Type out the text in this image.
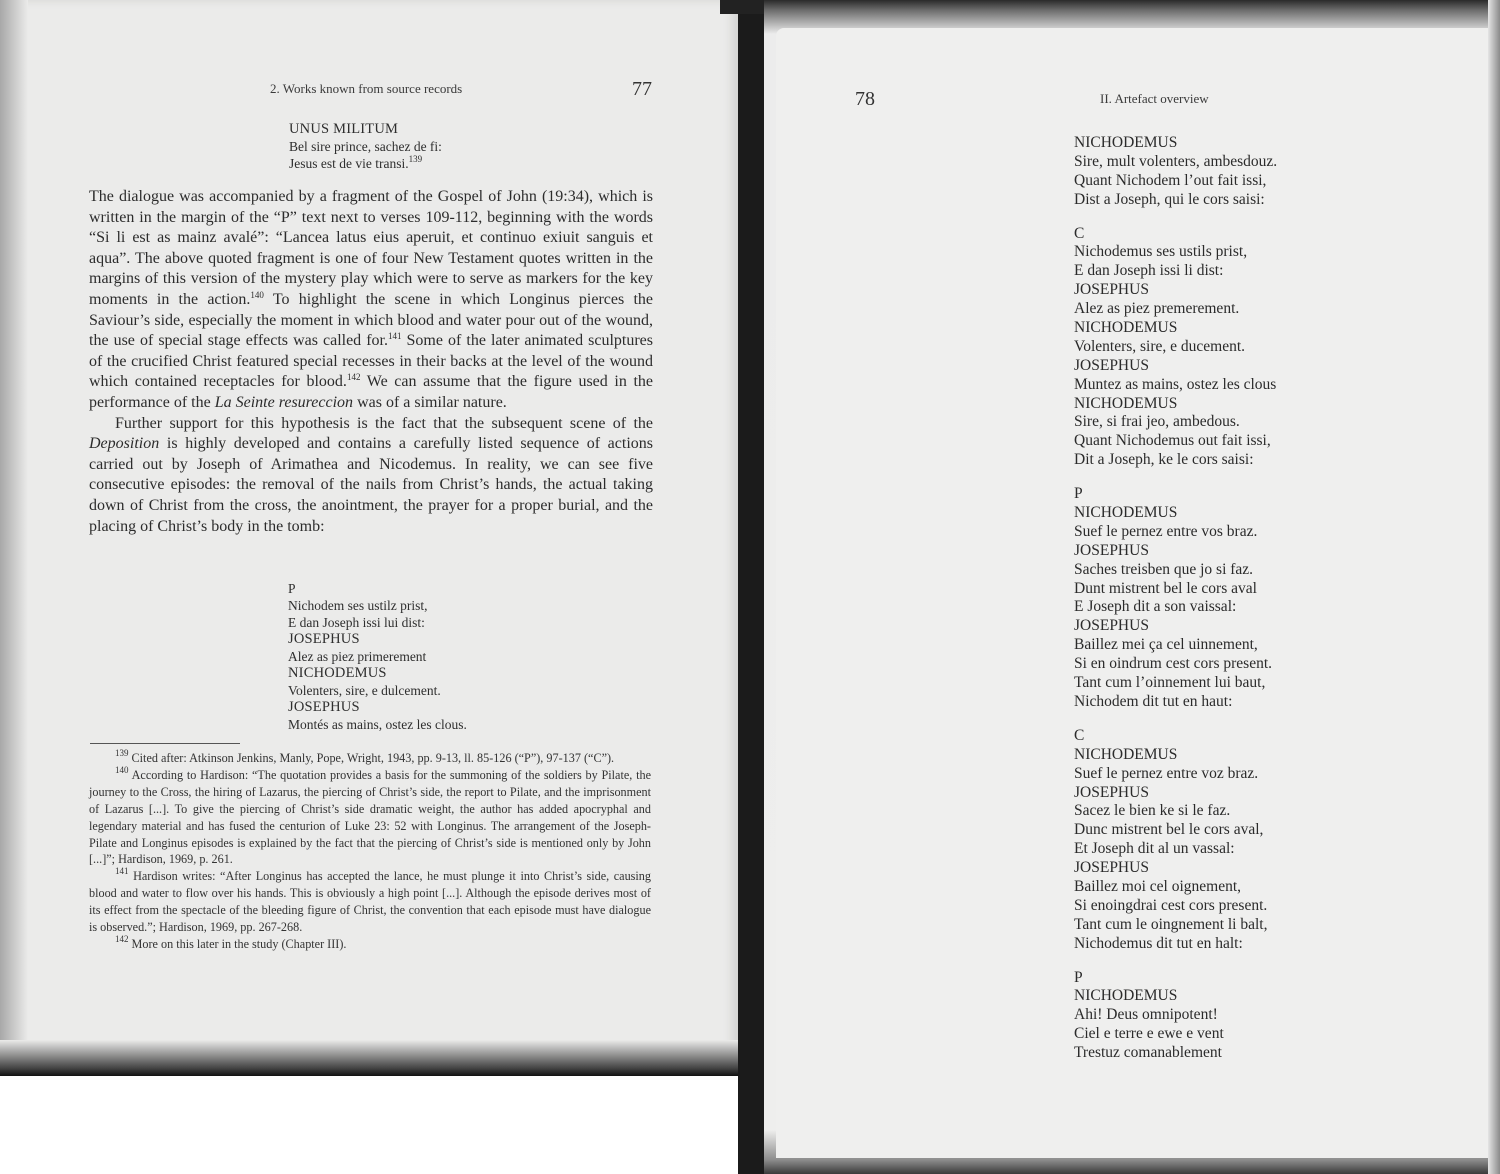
2. Works known from source records	77
UNUS MILITUM
Bel sire prince, sachez de fi:
Jesus est de vie transi.$^{139}$

The dialogue was accompanied by a fragment of the Gospel of John (19:34), which is written in the margin of the “P” text next to verses 109-112, beginning with the words “Si li est as mainz avalé”: “Lancea latus eius aperuit, et continuo exiuit sanguis et aqua”. The above quoted fragment is one of four New Testament quotes written in the margins of this version of the mystery play which were to serve as markers for the key moments in the action.$^{140}$ To highlight the scene in which Longinus pierces the Saviour’s side, especially the moment in which blood and water pour out of the wound, the use of special stage effects was called for.$^{141}$ Some of the later animated sculptures of the crucified Christ featured special recesses in their backs at the level of the wound which contained receptacles for blood.$^{142}$ We can assume that the figure used in the performance of the La Seinte resureccion was of a similar nature.

Further support for this hypothesis is the fact that the subsequent scene of the Deposition is highly developed and contains a carefully listed sequence of actions carried out by Joseph of Arimathea and Nicodemus. In reality, we can see five consecutive episodes: the removal of the nails from Christ’s hands, the actual taking down of Christ from the cross, the anointment, the prayer for a proper burial, and the placing of Christ’s body in the tomb:

P
Nichodem ses ustilz prist,
E dan Joseph issi lui dist:
JOSEPHUS
Alez as piez primerement
NICHODEMUS
Volenters, sire, e dulcement.
JOSEPHUS
Montés as mains, ostez les clous.

$^{139}$ Cited after: Atkinson Jenkins, Manly, Pope, Wright, 1943, pp. 9-13, ll. 85-126 (“P”), 97-137 (“C”).

$^{140}$ According to Hardison: “The quotation provides a basis for the summoning of the soldiers by Pilate, the journey to the Cross, the hiring of Lazarus, the piercing of Christ’s side, the report to Pilate, and the imprisonment of Lazarus [...]. To give the piercing of Christ’s side dramatic weight, the author has added apocryphal and legendary material and has fused the centurion of Luke 23: 52 with Longinus. The arrangement of the Joseph-Pilate and Longinus episodes is explained by the fact that the piercing of Christ’s side is mentioned only by John [...]”; Hardison, 1969, p. 261.

$^{141}$ Hardison writes: “After Longinus has accepted the lance, he must plunge it into Christ’s side, causing blood and water to flow over his hands. This is obviously a high point [...]. Although the episode derives most of its effect from the spectacle of the bleeding figure of Christ, the convention that each episode must have dialogue is observed.”; Hardison, 1969, pp. 267-268.

$^{142}$ More on this later in the study (Chapter III).

78	II. Artefact overview
NICHODEMUS
Sire, mult volenters, ambesdouz.
Quant Nichodem l’out fait issi,
Dist a Joseph, qui le cors saisi:
C
Nichodemus ses ustils prist,
E dan Joseph issi li dist:
JOSEPHUS
Alez as piez premerement.
NICHODEMUS
Volenters, sire, e ducement.
JOSEPHUS
Muntez as mains, ostez les clous
NICHODEMUS
Sire, si frai jeo, ambedous.
Quant Nichodemus out fait issi,
Dit a Joseph, ke le cors saisi:
P
NICHODEMUS
Suef le pernez entre vos braz.
JOSEPHUS
Saches treisben que jo si faz.
Dunt mistrent bel le cors aval
E Joseph dit a son vaissal:
JOSEPHUS
Baillez mei ça cel uinnement,
Si en oindrum cest cors present.
Tant cum l’oinnement lui baut,
Nichodem dit tut en haut:
C
NICHODEMUS
Suef le pernez entre voz braz.
JOSEPHUS
Sacez le bien ke si le faz.
Dunc mistrent bel le cors aval,
Et Joseph dit al un vassal:
JOSEPHUS
Baillez moi cel oignement,
Si enoingdrai cest cors present.
Tant cum le oingnement li balt,
Nichodemus dit tut en halt:
P
NICHODEMUS
Ahi! Deus omnipotent!
Ciel e terre e ewe e vent
Trestuz comanablement
